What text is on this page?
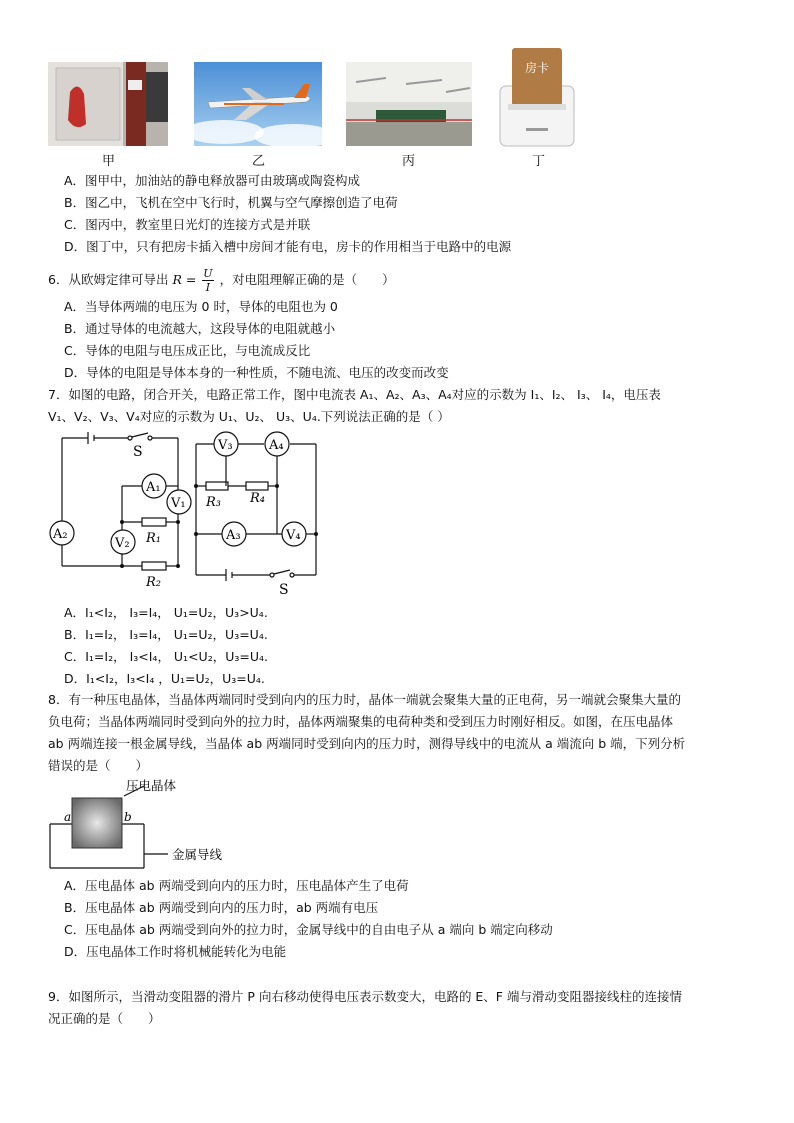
房卡
甲	乙	丙	丁
A．图甲中，加油站的静电释放器可由玻璃或陶瓷构成
B．图乙中，飞机在空中飞行时，机翼与空气摩擦创造了电荷
C．图丙中，教室里日光灯的连接方式是并联
D．图丁中，只有把房卡插入槽中房间才能有电，房卡的作用相当于电路中的电源
6．从欧姆定律可导出 $R = \frac{U}{I}$ ，对电阻理解正确的是（　　）
A．当导体两端的电压为 0 时，导体的电阻也为 0
B．通过导体的电流越大，这段导体的电阻就越小
C．导体的电阻与电压成正比，与电流成反比
D．导体的电阻是导体本身的一种性质，不随电流、电压的改变而改变
7．如图的电路，闭合开关，电路正常工作，图中电流表 A₁、A₂、A₃、A₄对应的示数为 I₁、I₂、 I₃、 I₄，电压表
V₁、V₂、V₃、V₄对应的示数为 U₁、U₂、 U₃、U₄.下列说法正确的是（ ）
S
A₁
V₁
V₂
A₂	R₁
R₂
V₃	A₄
R₃ R₄
A₃	V₄
S
A．I₁<I₂， I₃=I₄， U₁=U₂，U₃>U₄.
B．I₁=I₂， I₃=I₄， U₁=U₂，U₃=U₄.
C．I₁=I₂， I₃<I₄， U₁<U₂，U₃=U₄.
D．I₁<I₂，I₃<I₄ ，U₁=U₂，U₃=U₄.
8．有一种压电晶体，当晶体两端同时受到向内的压力时，晶体一端就会聚集大量的正电荷，另一端就会聚集大量的
负电荷；当晶体两端同时受到向外的拉力时，晶体两端聚集的电荷种类和受到压力时刚好相反。如图，在压电晶体
ab 两端连接一根金属导线，当晶体 ab 两端同时受到向内的压力时，测得导线中的电流从 a 端流向 b 端，下列分析
错误的是（　　）
a	b
压电晶体
金属导线
A．压电晶体 ab 两端受到向内的压力时，压电晶体产生了电荷
B．压电晶体 ab 两端受到向内的压力时，ab 两端有电压
C．压电晶体 ab 两端受到向外的拉力时，金属导线中的自由电子从 a 端向 b 端定向移动
D．压电晶体工作时将机械能转化为电能
9．如图所示，当滑动变阻器的滑片 P 向右移动使得电压表示数变大，电路的 E、F 端与滑动变阻器接线柱的连接情
况正确的是（　　）
